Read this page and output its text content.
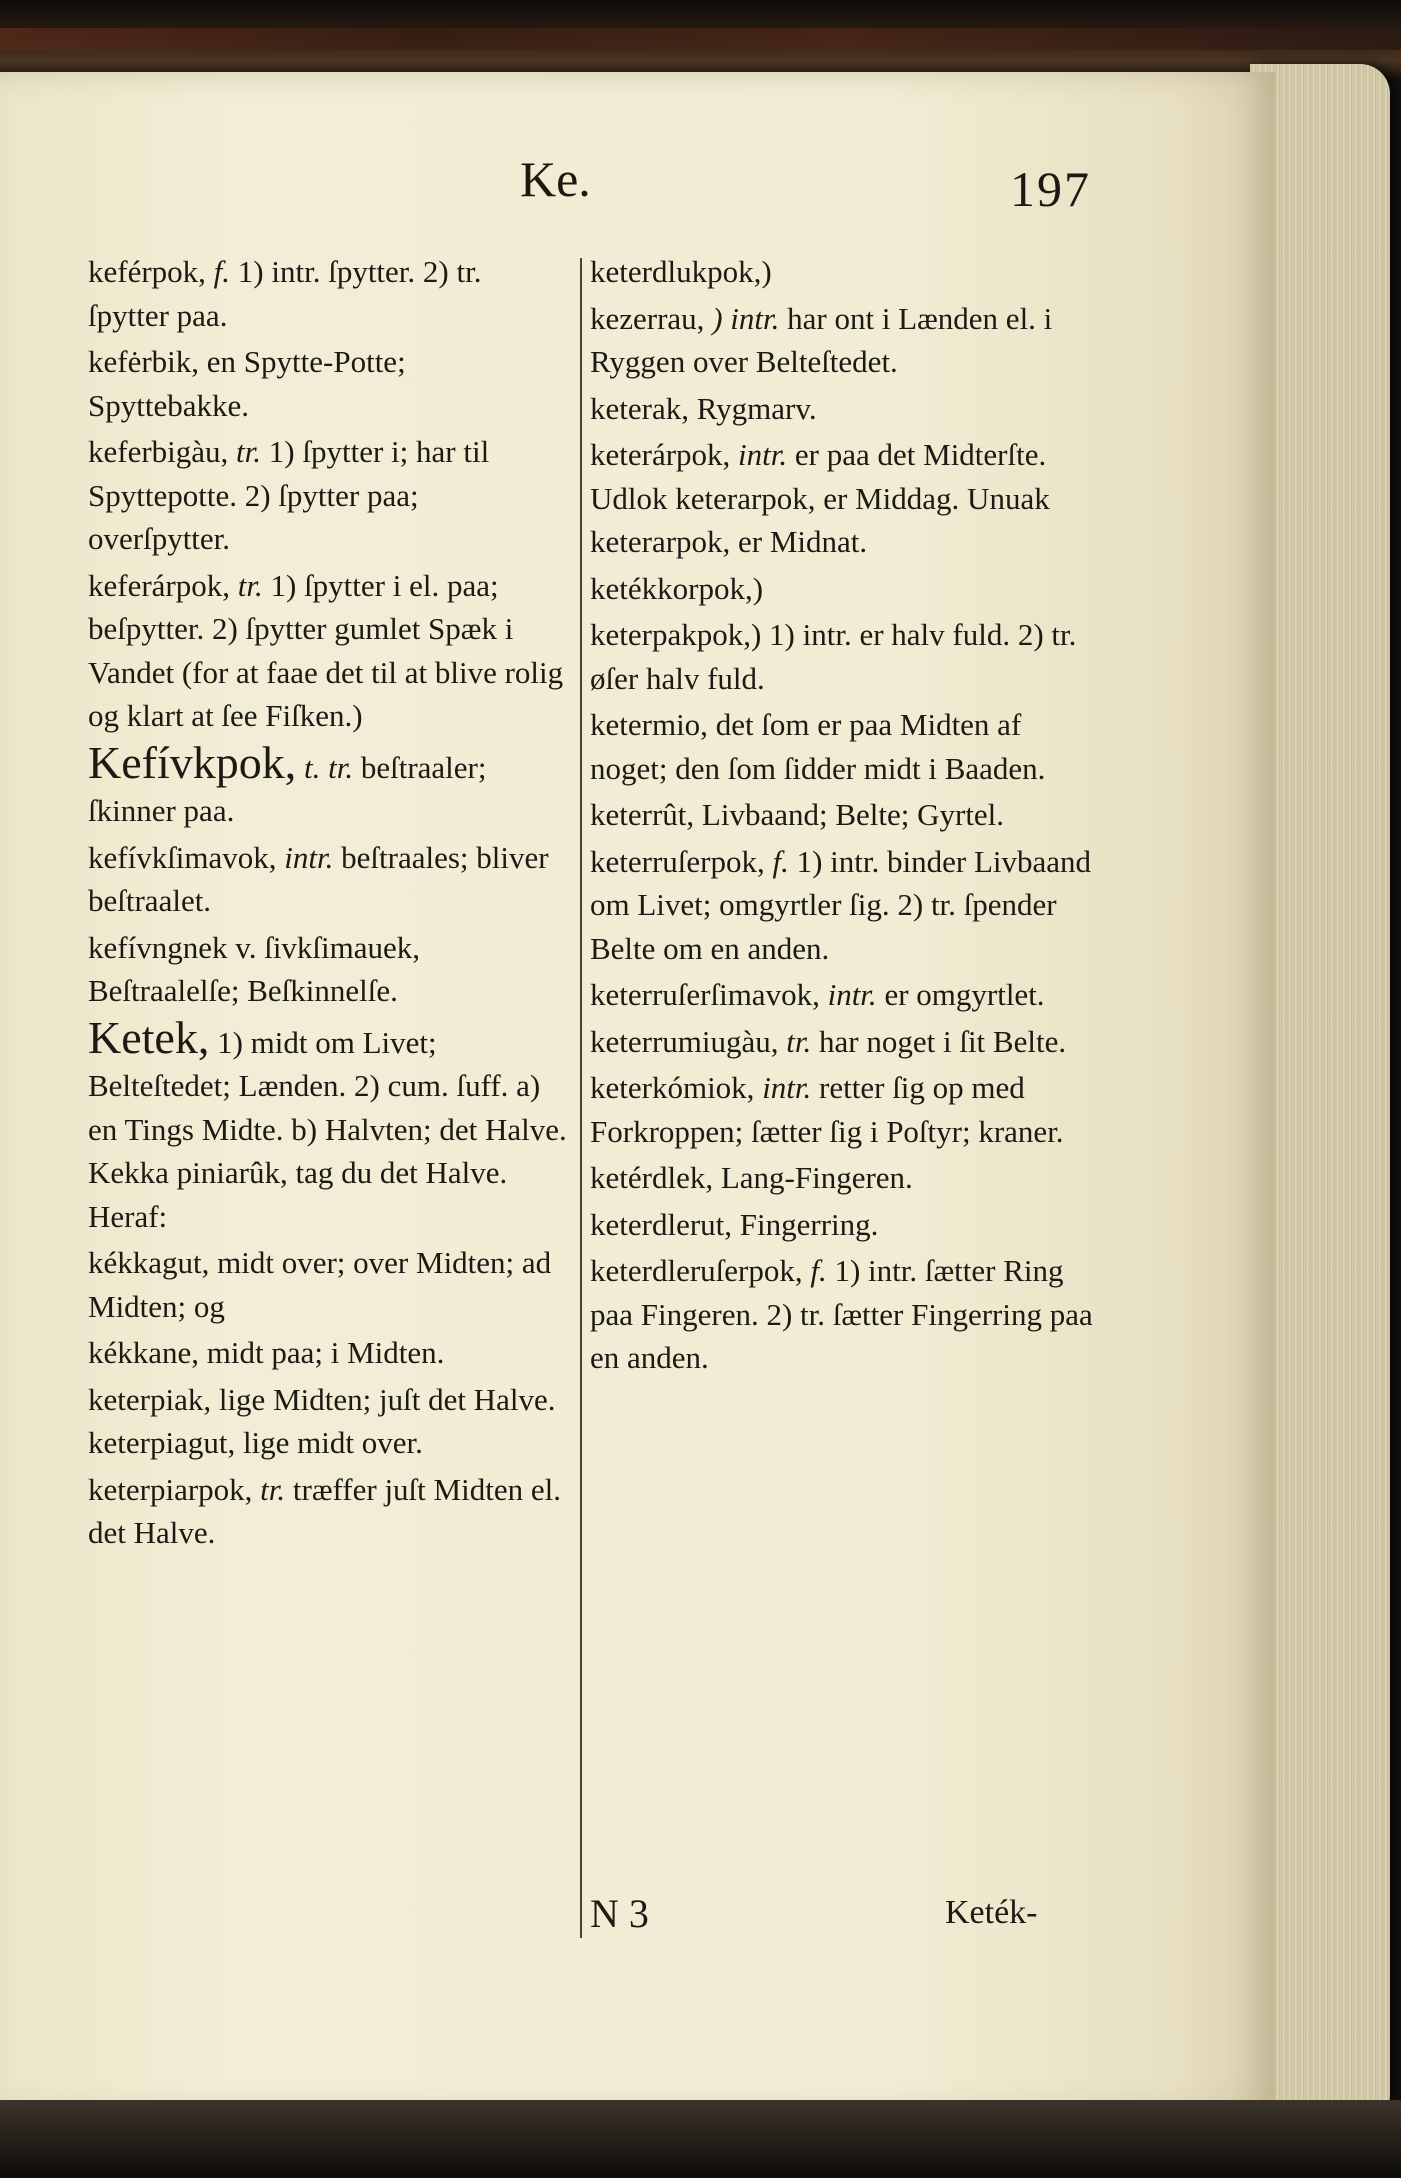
Ke.	197
keférpok, f. 1) intr. ſpytter. 2) tr. ſpytter paa.
kefėrbik, en Spytte-Potte; Spyttebakke.
keferbigàu, tr. 1) ſpytter i; har til Spyttepotte. 2) ſpytter paa; overſpytter.
keferárpok, tr. 1) ſpytter i el. paa; beſpytter. 2) ſpytter gumlet Spæk i Vandet (for at faae det til at blive rolig og klart at ſee Fiſken.)
Kefívkpok, t. tr. beſtraaler; ſkinner paa.
kefívkſimavok, intr. beſtraales; bliver beſtraalet.
kefívngnek v. ſivkſimauek, Beſtraalelſe; Beſkinnelſe.
Ketek, 1) midt om Livet; Belteſtedet; Lænden. 2) cum. ſuff. a) en Tings Midte. b) Halvten; det Halve. Kekka piniarûk, tag du det Halve. Heraf:
kékkagut, midt over; over Midten; ad Midten; og
kékkane, midt paa; i Midten.
keterpiak, lige Midten; juſt det Halve. keterpiagut, lige midt over.
keterpiarpok, tr. træffer juſt Midten el. det Halve.
keterdlukpok,)
kezerrau, ) intr. har ont i Lænden el. i Ryggen over Belteſtedet.
keterak, Rygmarv.
keterárpok, intr. er paa det Midterſte. Udlok keterarpok, er Middag. Unuak keterarpok, er Midnat.
ketékkorpok,)
keterpakpok,) 1) intr. er halv fuld. 2) tr. øſer halv fuld.
ketermio, det ſom er paa Midten af noget; den ſom ſidder midt i Baaden.
keterrût, Livbaand; Belte; Gyrtel.
keterruſerpok, f. 1) intr. binder Livbaand om Livet; omgyrtler ſig. 2) tr. ſpender Belte om en anden.
keterruſerſimavok, intr. er omgyrtlet.
keterrumiugàu, tr. har noget i ſit Belte.
keterkómiok, intr. retter ſig op med Forkroppen; ſætter ſig i Poſtyr; kraner.
ketérdlek, Lang-Fingeren.
keterdlerut, Fingerring.
keterdleruſerpok, f. 1) intr. ſætter Ring paa Fingeren. 2) tr. ſætter Fingerring paa en anden.
N 3	Keték-
